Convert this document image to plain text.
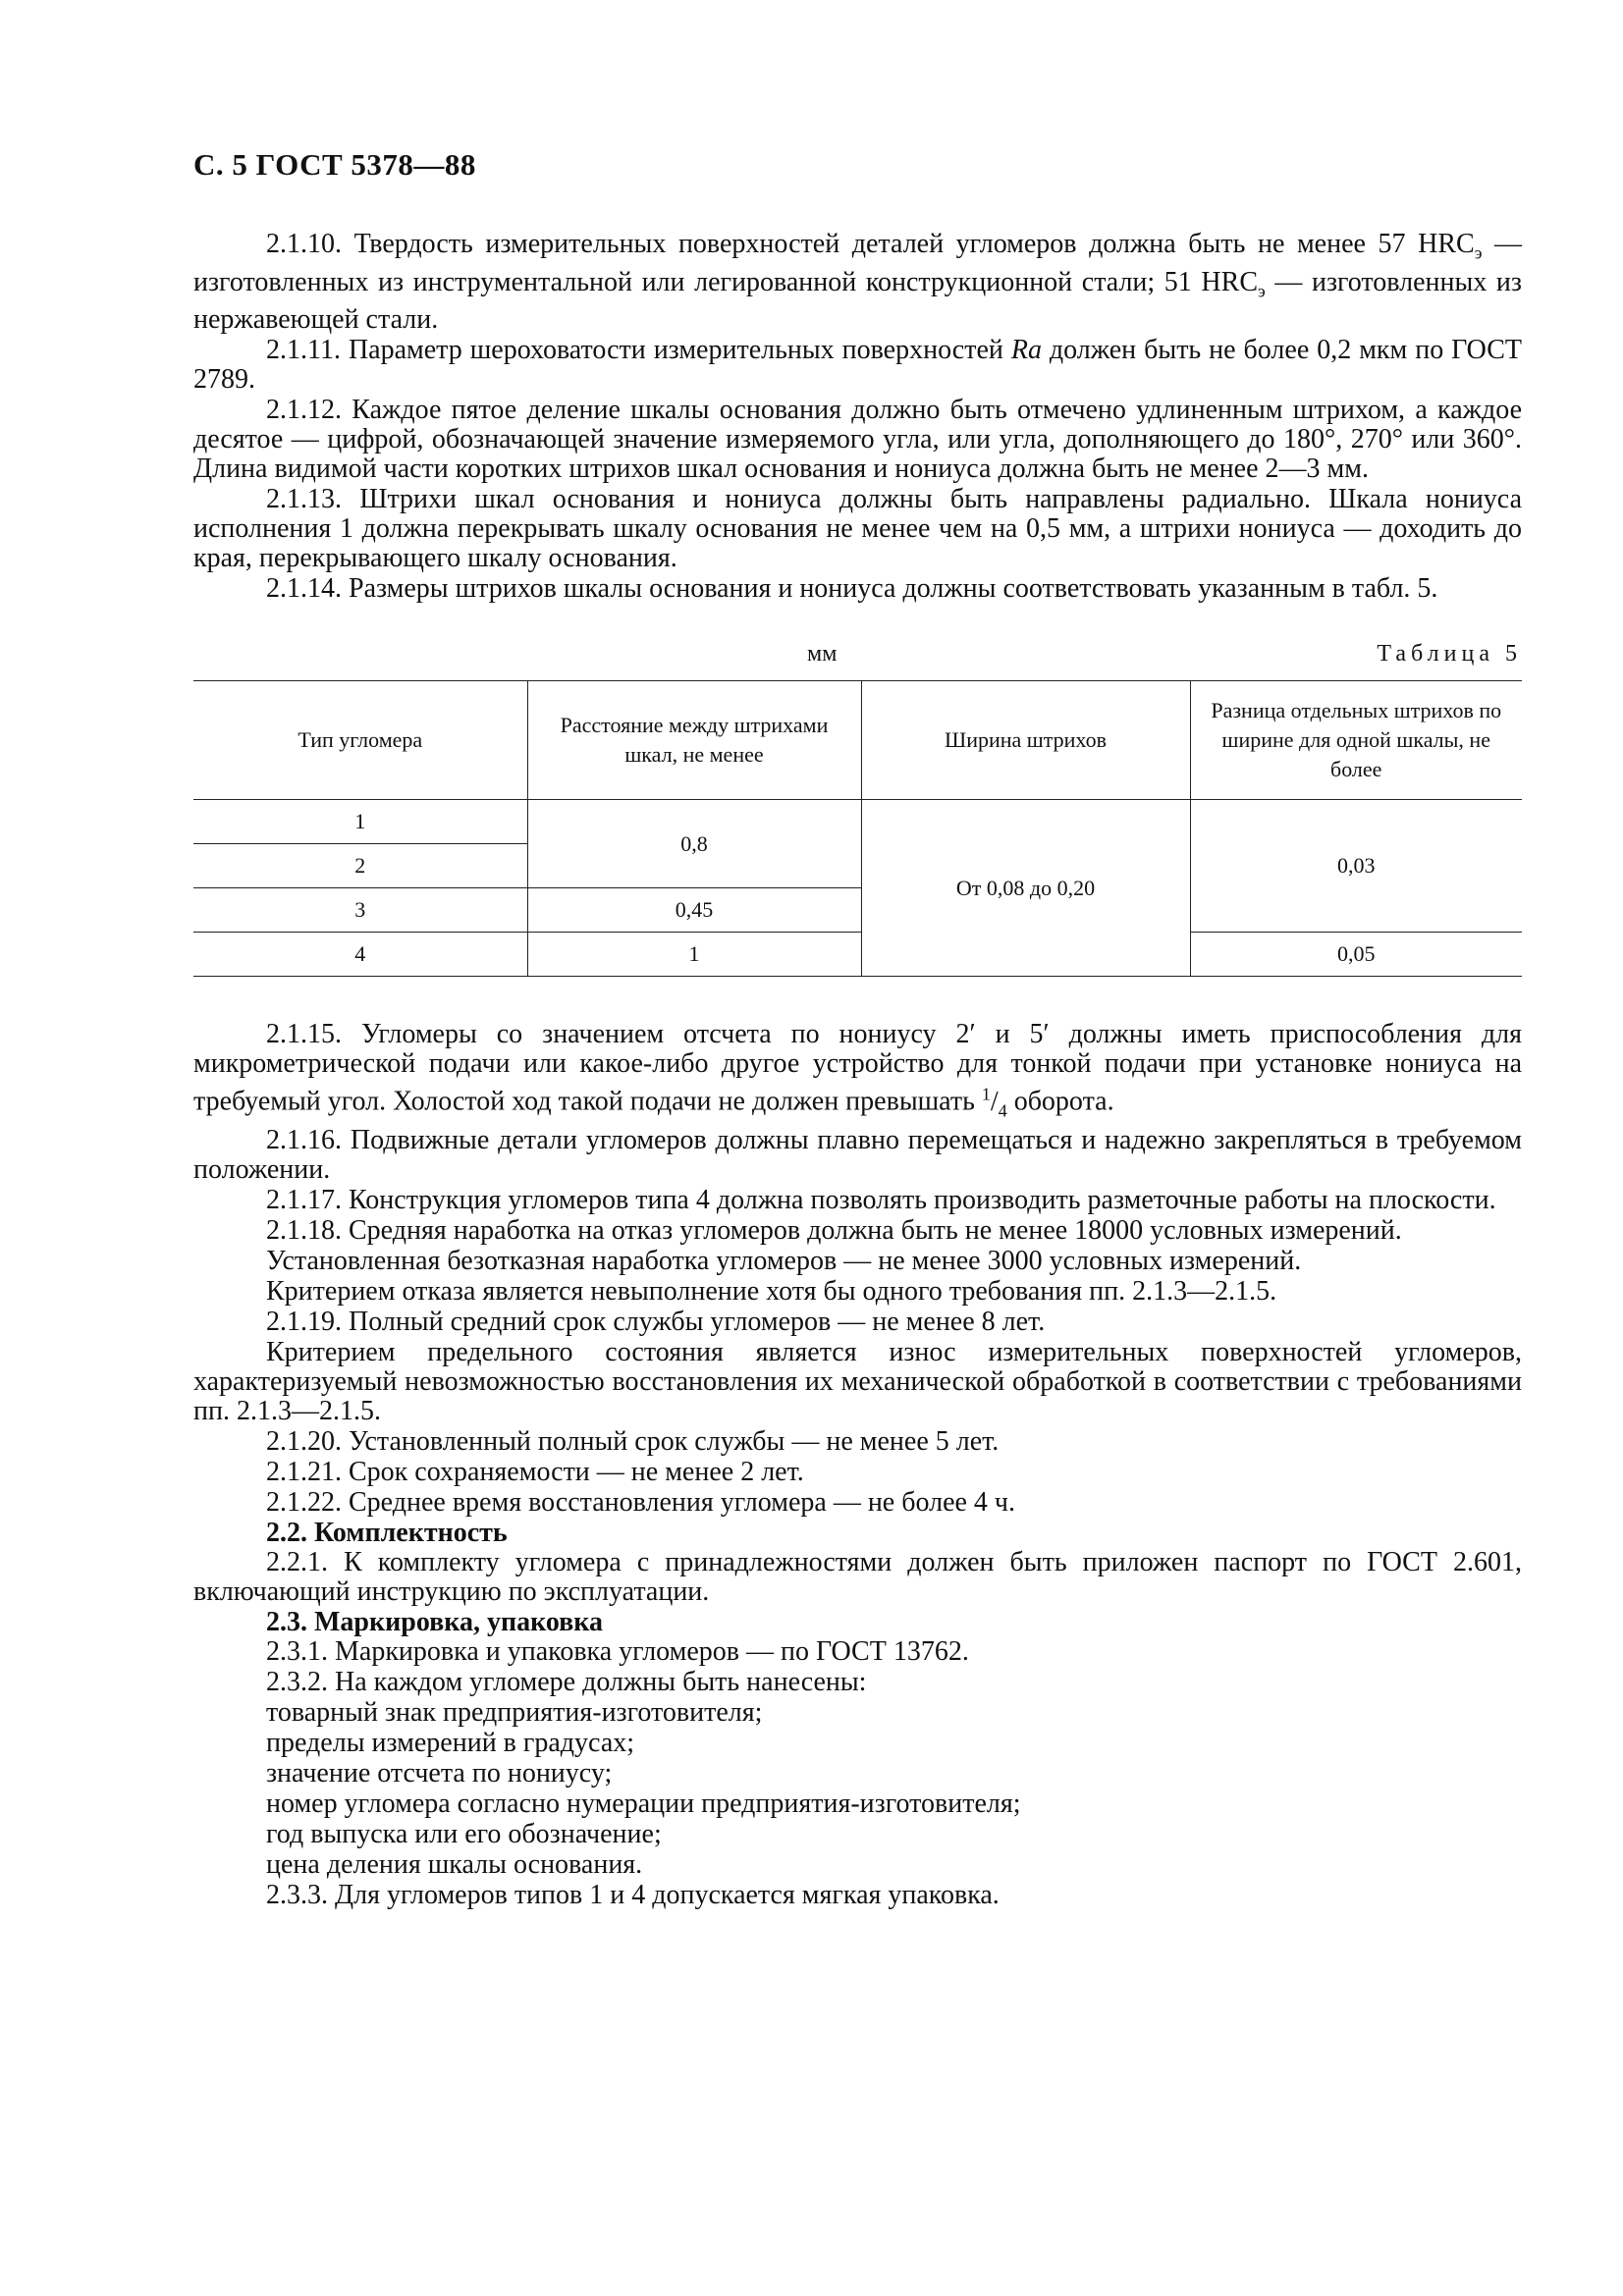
С. 5 ГОСТ 5378—88

2.1.10. Твердость измерительных поверхностей деталей угломеров должна быть не менее 57 $HRC_э$ — изготовленных из инструментальной или легированной конструкционной стали; 51 $HRC_э$ — изготовленных из нержавеющей стали.

2.1.11. Параметр шероховатости измерительных поверхностей Ra должен быть не более 0,2 мкм по ГОСТ 2789.

2.1.12. Каждое пятое деление шкалы основания должно быть отмечено удлиненным штрихом, а каждое десятое — цифрой, обозначающей значение измеряемого угла, или угла, дополняющего до 180°, 270° или 360°. Длина видимой части коротких штрихов шкал основания и нониуса должна быть не менее 2—3 мм.

2.1.13. Штрихи шкал основания и нониуса должны быть направлены радиально. Шкала нониуса исполнения 1 должна перекрывать шкалу основания не менее чем на 0,5 мм, а штрихи нониуса — доходить до края, перекрывающего шкалу основания.

2.1.14. Размеры штрихов шкалы основания и нониуса должны соответствовать указанным в табл. 5.

мм	Таблица 5
Тип угломера	Расстояние между штрихами шкал, не менее	Ширина штрихов	Разница отдельных штрихов по ширине для одной шкалы, не более
1	0,8	От 0,08 до 0,20	0,03
2			
3	0,45		
4	1		0,05

2.1.15. Угломеры со значением отсчета по нониусу 2′ и 5′ должны иметь приспособления для микрометрической подачи или какое-либо другое устройство для тонкой подачи при установке нониуса на требуемый угол. Холостой ход такой подачи не должен превышать $^1/_4$ оборота.

2.1.16. Подвижные детали угломеров должны плавно перемещаться и надежно закрепляться в требуемом положении.

2.1.17. Конструкция угломеров типа 4 должна позволять производить разметочные работы на плоскости.

2.1.18. Средняя наработка на отказ угломеров должна быть не менее 18000 условных измерений.

Установленная безотказная наработка угломеров — не менее 3000 условных измерений.

Критерием отказа является невыполнение хотя бы одного требования пп. 2.1.3—2.1.5.

2.1.19. Полный средний срок службы угломеров — не менее 8 лет.

Критерием предельного состояния является износ измерительных поверхностей угломеров, характеризуемый невозможностью восстановления их механической обработкой в соответствии с требованиями пп. 2.1.3—2.1.5.

2.1.20. Установленный полный срок службы — не менее 5 лет.

2.1.21. Срок сохраняемости — не менее 2 лет.

2.1.22. Среднее время восстановления угломера — не более 4 ч.

2.2. Комплектность

2.2.1. К комплекту угломера с принадлежностями должен быть приложен паспорт по ГОСТ 2.601, включающий инструкцию по эксплуатации.

2.3. Маркировка, упаковка

2.3.1. Маркировка и упаковка угломеров — по ГОСТ 13762.

2.3.2. На каждом угломере должны быть нанесены:

товарный знак предприятия-изготовителя;

пределы измерений в градусах;

значение отсчета по нониусу;

номер угломера согласно нумерации предприятия-изготовителя;

год выпуска или его обозначение;

цена деления шкалы основания.

2.3.3. Для угломеров типов 1 и 4 допускается мягкая упаковка.
